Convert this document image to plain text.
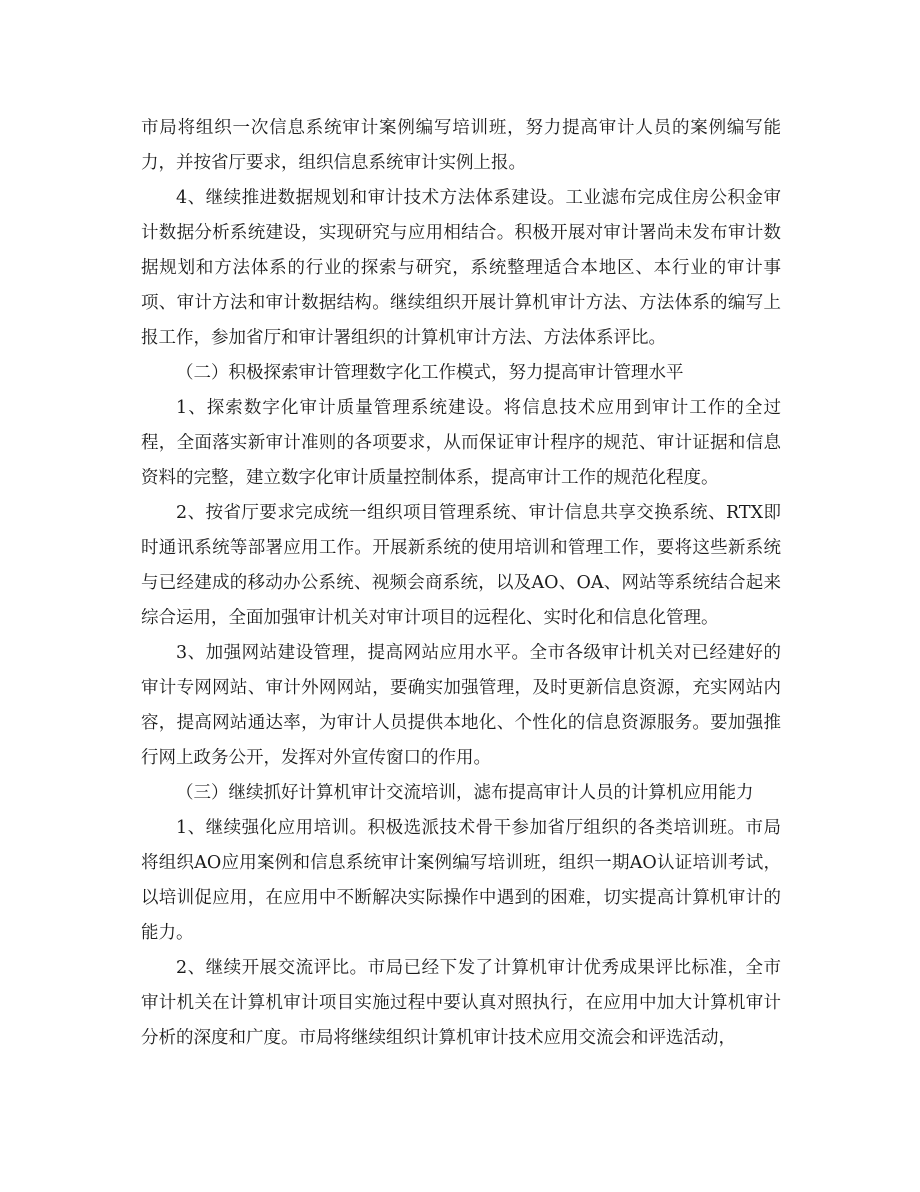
市局将组织一次信息系统审计案例编写培训班，努力提高审计人员的案例编写能力，并按省厅要求，组织信息系统审计实例上报。

4、继续推进数据规划和审计技术方法体系建设。工业滤布完成住房公积金审计数据分析系统建设，实现研究与应用相结合。积极开展对审计署尚未发布审计数据规划和方法体系的行业的探索与研究，系统整理适合本地区、本行业的审计事项、审计方法和审计数据结构。继续组织开展计算机审计方法、方法体系的编写上报工作，参加省厅和审计署组织的计算机审计方法、方法体系评比。

（二）积极探索审计管理数字化工作模式，努力提高审计管理水平

1、探索数字化审计质量管理系统建设。将信息技术应用到审计工作的全过程，全面落实新审计准则的各项要求，从而保证审计程序的规范、审计证据和信息资料的完整，建立数字化审计质量控制体系，提高审计工作的规范化程度。

2、按省厅要求完成统一组织项目管理系统、审计信息共享交换系统、RTX即时通讯系统等部署应用工作。开展新系统的使用培训和管理工作，要将这些新系统与已经建成的移动办公系统、视频会商系统，以及AO、OA、网站等系统结合起来综合运用，全面加强审计机关对审计项目的远程化、实时化和信息化管理。

3、加强网站建设管理，提高网站应用水平。全市各级审计机关对已经建好的审计专网网站、审计外网网站，要确实加强管理，及时更新信息资源，充实网站内容，提高网站通达率，为审计人员提供本地化、个性化的信息资源服务。要加强推行网上政务公开，发挥对外宣传窗口的作用。

（三）继续抓好计算机审计交流培训，滤布提高审计人员的计算机应用能力

1、继续强化应用培训。积极选派技术骨干参加省厅组织的各类培训班。市局将组织AO应用案例和信息系统审计案例编写培训班，组织一期AO认证培训考试，以培训促应用，在应用中不断解决实际操作中遇到的困难，切实提高计算机审计的能力。

2、继续开展交流评比。市局已经下发了计算机审计优秀成果评比标准，全市审计机关在计算机审计项目实施过程中要认真对照执行，在应用中加大计算机审计分析的深度和广度。市局将继续组织计算机审计技术应用交流会和评选活动，
